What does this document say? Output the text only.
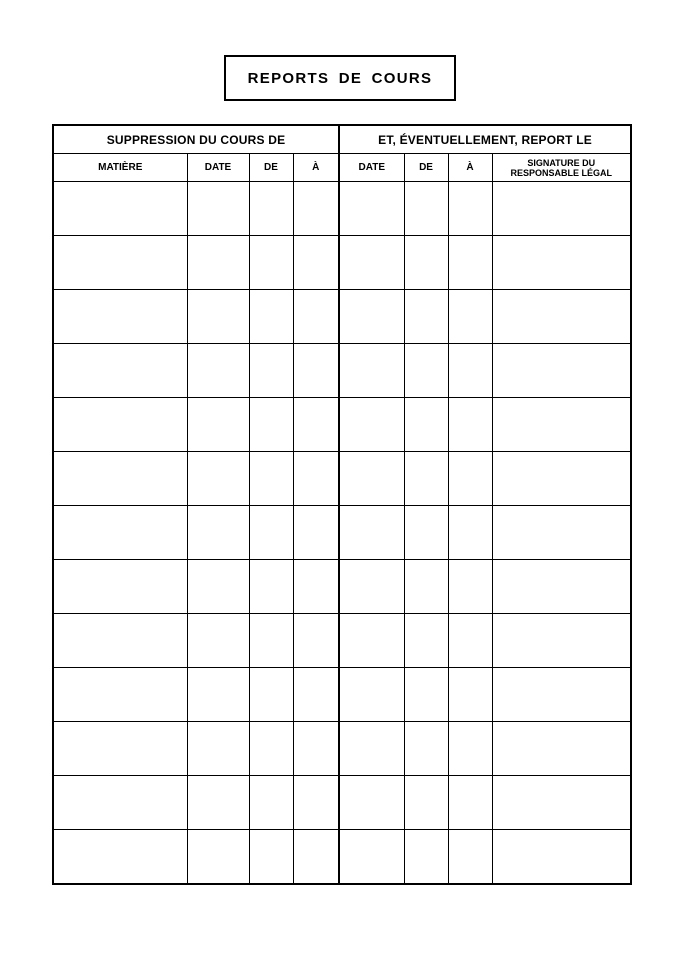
REPORTS DE COURS
SUPPRESSION DU COURS DE				ET, ÉVENTUELLEMENT, REPORT LE			
MATIÈRE	DATE	DE	À	DATE	DE	À	SIGNATURE DU RESPONSABLE LÉGAL
